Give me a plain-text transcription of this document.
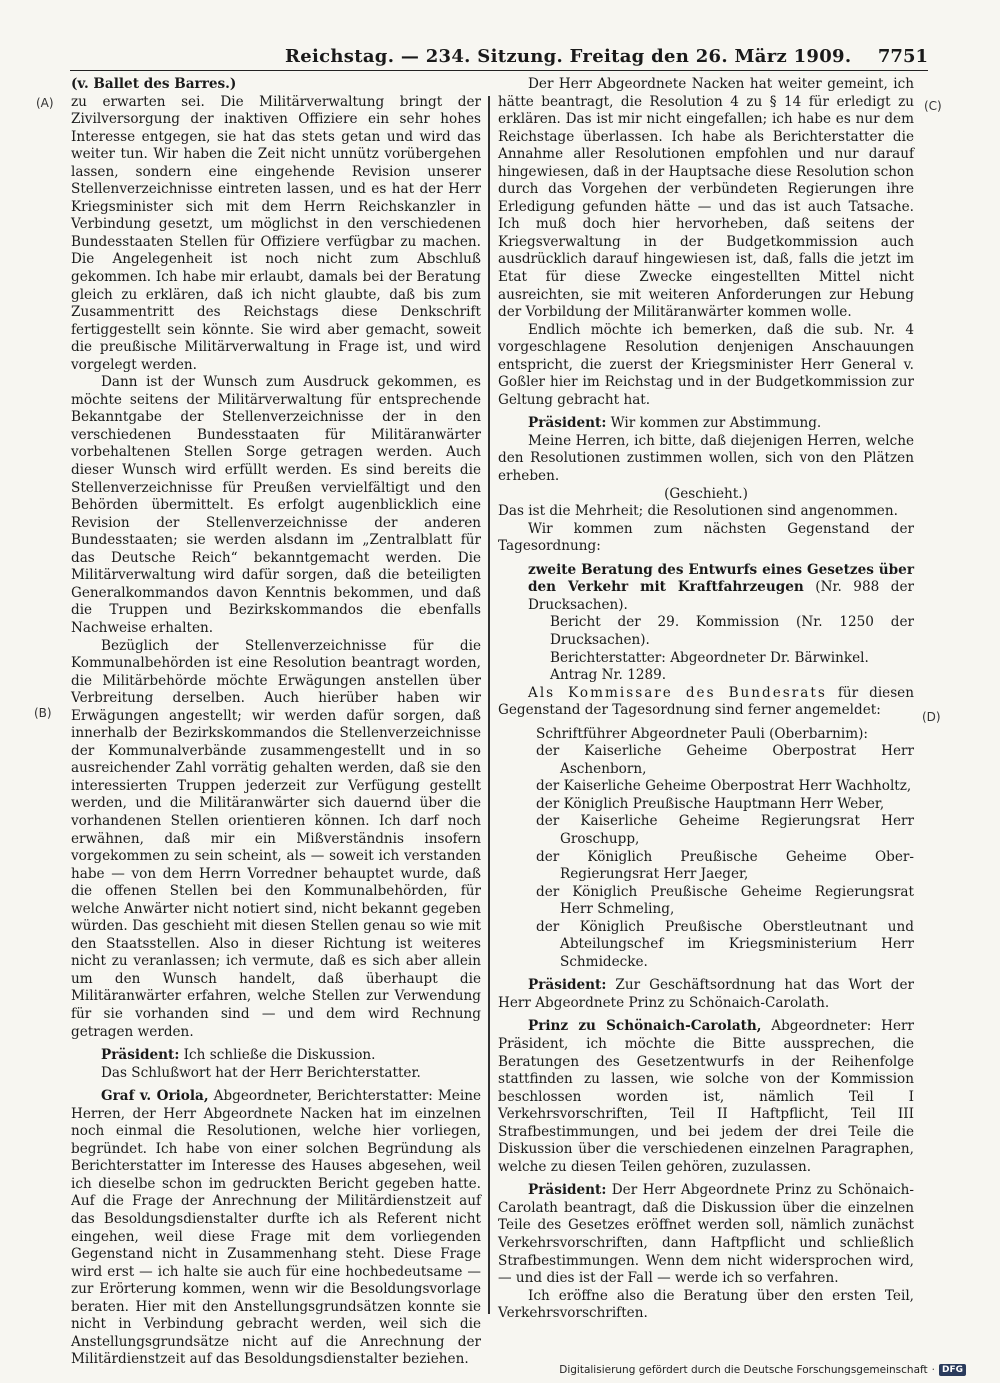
Reichstag. — 234. Sitzung. Freitag den 26. März 1909. 7751
(A)
(B)
(C)
(D)

(v. Ballet des Barres.)

zu erwarten sei. Die Militärverwaltung bringt der Zivilversorgung der inaktiven Offiziere ein sehr hohes Interesse entgegen, sie hat das stets getan und wird das weiter tun. Wir haben die Zeit nicht unnütz vorübergehen lassen, sondern eine eingehende Revision unserer Stellenverzeichnisse eintreten lassen, und es hat der Herr Kriegsminister sich mit dem Herrn Reichskanzler in Verbindung gesetzt, um möglichst in den verschiedenen Bundesstaaten Stellen für Offiziere verfügbar zu machen. Die Angelegenheit ist noch nicht zum Abschluß gekommen. Ich habe mir erlaubt, damals bei der Beratung gleich zu erklären, daß ich nicht glaubte, daß bis zum Zusammentritt des Reichstags diese Denkschrift fertiggestellt sein könnte. Sie wird aber gemacht, soweit die preußische Militärverwaltung in Frage ist, und wird vorgelegt werden.

Dann ist der Wunsch zum Ausdruck gekommen, es möchte seitens der Militärverwaltung für entsprechende Bekanntgabe der Stellenverzeichnisse der in den verschiedenen Bundesstaaten für Militäranwärter vorbehaltenen Stellen Sorge getragen werden. Auch dieser Wunsch wird erfüllt werden. Es sind bereits die Stellenverzeichnisse für Preußen vervielfältigt und den Behörden übermittelt. Es erfolgt augenblicklich eine Revision der Stellenverzeichnisse der anderen Bundesstaaten; sie werden alsdann im „Zentralblatt für das Deutsche Reich“ bekanntgemacht werden. Die Militärverwaltung wird dafür sorgen, daß die beteiligten Generalkommandos davon Kenntnis bekommen, und daß die Truppen und Bezirkskommandos die ebenfalls Nachweise erhalten.

Bezüglich der Stellenverzeichnisse für die Kommunalbehörden ist eine Resolution beantragt worden, die Militärbehörde möchte Erwägungen anstellen über Verbreitung derselben. Auch hierüber haben wir Erwägungen angestellt; wir werden dafür sorgen, daß innerhalb der Bezirkskommandos die Stellenverzeichnisse der Kommunalverbände zusammengestellt und in so ausreichender Zahl vorrätig gehalten werden, daß sie den interessierten Truppen jederzeit zur Verfügung gestellt werden, und die Militäranwärter sich dauernd über die vorhandenen Stellen orientieren können. Ich darf noch erwähnen, daß mir ein Mißverständnis insofern vorgekommen zu sein scheint, als — soweit ich verstanden habe — von dem Herrn Vorredner behauptet wurde, daß die offenen Stellen bei den Kommunalbehörden, für welche Anwärter nicht notiert sind, nicht bekannt gegeben würden. Das geschieht mit diesen Stellen genau so wie mit den Staatsstellen. Also in dieser Richtung ist weiteres nicht zu veranlassen; ich vermute, daß es sich aber allein um den Wunsch handelt, daß überhaupt die Militäranwärter erfahren, welche Stellen zur Verwendung für sie vorhanden sind — und dem wird Rechnung getragen werden.

Präsident: Ich schließe die Diskussion.

Das Schlußwort hat der Herr Berichterstatter.

Graf v. Oriola, Abgeordneter, Berichterstatter: Meine Herren, der Herr Abgeordnete Nacken hat im einzelnen noch einmal die Resolutionen, welche hier vorliegen, begründet. Ich habe von einer solchen Begründung als Berichterstatter im Interesse des Hauses abgesehen, weil ich dieselbe schon im gedruckten Bericht gegeben hatte. Auf die Frage der Anrechnung der Militärdienstzeit auf das Besoldungsdienstalter durfte ich als Referent nicht eingehen, weil diese Frage mit dem vorliegenden Gegenstand nicht in Zusammenhang steht. Diese Frage wird erst — ich halte sie auch für eine hochbedeutsame — zur Erörterung kommen, wenn wir die Besoldungsvorlage beraten. Hier mit den Anstellungsgrundsätzen konnte sie nicht in Verbindung gebracht werden, weil sich die Anstellungsgrundsätze nicht auf die Anrechnung der Militärdienstzeit auf das Besoldungsdienstalter beziehen.

Der Herr Abgeordnete Nacken hat weiter gemeint, ich hätte beantragt, die Resolution 4 zu § 14 für erledigt zu erklären. Das ist mir nicht eingefallen; ich habe es nur dem Reichstage überlassen. Ich habe als Berichterstatter die Annahme aller Resolutionen empfohlen und nur darauf hingewiesen, daß in der Hauptsache diese Resolution schon durch das Vorgehen der verbündeten Regierungen ihre Erledigung gefunden hätte — und das ist auch Tatsache. Ich muß doch hier hervorheben, daß seitens der Kriegsverwaltung in der Budgetkommission auch ausdrücklich darauf hingewiesen ist, daß, falls die jetzt im Etat für diese Zwecke eingestellten Mittel nicht ausreichten, sie mit weiteren Anforderungen zur Hebung der Vorbildung der Militäranwärter kommen wolle.

Endlich möchte ich bemerken, daß die sub. Nr. 4 vorgeschlagene Resolution denjenigen Anschauungen entspricht, die zuerst der Kriegsminister Herr General v. Goßler hier im Reichstag und in der Budgetkommission zur Geltung gebracht hat.

Präsident: Wir kommen zur Abstimmung.

Meine Herren, ich bitte, daß diejenigen Herren, welche den Resolutionen zustimmen wollen, sich von den Plätzen erheben.

(Geschieht.)

Das ist die Mehrheit; die Resolutionen sind angenommen.

Wir kommen zum nächsten Gegenstand der Tagesordnung:

zweite Beratung des Entwurfs eines Gesetzes über den Verkehr mit Kraftfahrzeugen (Nr. 988 der Drucksachen).

Bericht der 29. Kommission (Nr. 1250 der Drucksachen).

Berichterstatter: Abgeordneter Dr. Bärwinkel.

Antrag Nr. 1289.

Als Kommissare des Bundesrats für diesen Gegenstand der Tagesordnung sind ferner angemeldet:

Schriftführer Abgeordneter Pauli (Oberbarnim):

der Kaiserliche Geheime Oberpostrat Herr Aschenborn,

der Kaiserliche Geheime Oberpostrat Herr Wachholtz,

der Königlich Preußische Hauptmann Herr Weber,

der Kaiserliche Geheime Regierungsrat Herr Groschupp,

der Königlich Preußische Geheime Ober-Regierungsrat Herr Jaeger,

der Königlich Preußische Geheime Regierungsrat Herr Schmeling,

der Königlich Preußische Oberstleutnant und Abteilungschef im Kriegsministerium Herr Schmidecke.

Präsident: Zur Geschäftsordnung hat das Wort der Herr Abgeordnete Prinz zu Schönaich-Carolath.

Prinz zu Schönaich-Carolath, Abgeordneter: Herr Präsident, ich möchte die Bitte aussprechen, die Beratungen des Gesetzentwurfs in der Reihenfolge stattfinden zu lassen, wie solche von der Kommission beschlossen worden ist, nämlich Teil I Verkehrsvorschriften, Teil II Haftpflicht, Teil III Strafbestimmungen, und bei jedem der drei Teile die Diskussion über die verschiedenen einzelnen Paragraphen, welche zu diesen Teilen gehören, zuzulassen.

Präsident: Der Herr Abgeordnete Prinz zu Schönaich-Carolath beantragt, daß die Diskussion über die einzelnen Teile des Gesetzes eröffnet werden soll, nämlich zunächst Verkehrsvorschriften, dann Haftpflicht und schließlich Strafbestimmungen. Wenn dem nicht widersprochen wird, — und dies ist der Fall — werde ich so verfahren.

Ich eröffne also die Beratung über den ersten Teil, Verkehrsvorschriften.

Digitalisierung gefördert durch die Deutsche Forschungsgemeinschaft · DFG
